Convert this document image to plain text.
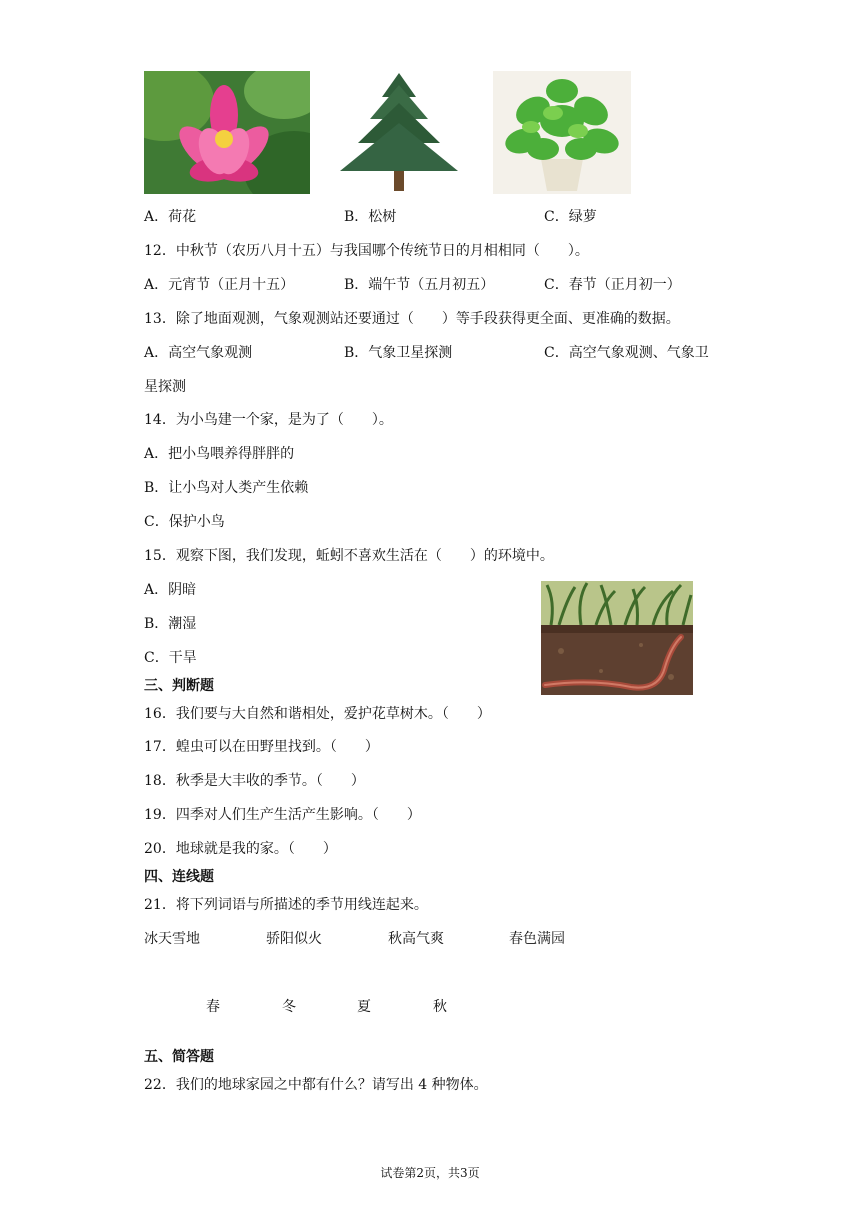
A．荷花	B．松树	C．绿萝
12．中秋节（农历八月十五）与我国哪个传统节日的月相相同（　　）。
A．元宵节（正月十五）	B．端午节（五月初五）	C．春节（正月初一）
13．除了地面观测，气象观测站还要通过（　　）等手段获得更全面、更准确的数据。
A．高空气象观测	B．气象卫星探测	C．高空气象观测、气象卫
星探测
14．为小鸟建一个家，是为了（　　）。
A．把小鸟喂养得胖胖的
B．让小鸟对人类产生依赖
C．保护小鸟
15．观察下图，我们发现，蚯蚓不喜欢生活在（　　）的环境中。
A．阴暗
B．潮湿
C．干旱
三、判断题
16．我们要与大自然和谐相处，爱护花草树木。（　　）
17．蝗虫可以在田野里找到。（　　）
18．秋季是大丰收的季节。（　　）
19．四季对人们生产生活产生影响。（　　）
20．地球就是我的家。（　　）
四、连线题
21．将下列词语与所描述的季节用线连起来。
冰天雪地	骄阳似火	秋高气爽	春色满园
春	冬	夏	秋
五、简答题
22．我们的地球家园之中都有什么？请写出 4 种物体。
试卷第2页，共3页
